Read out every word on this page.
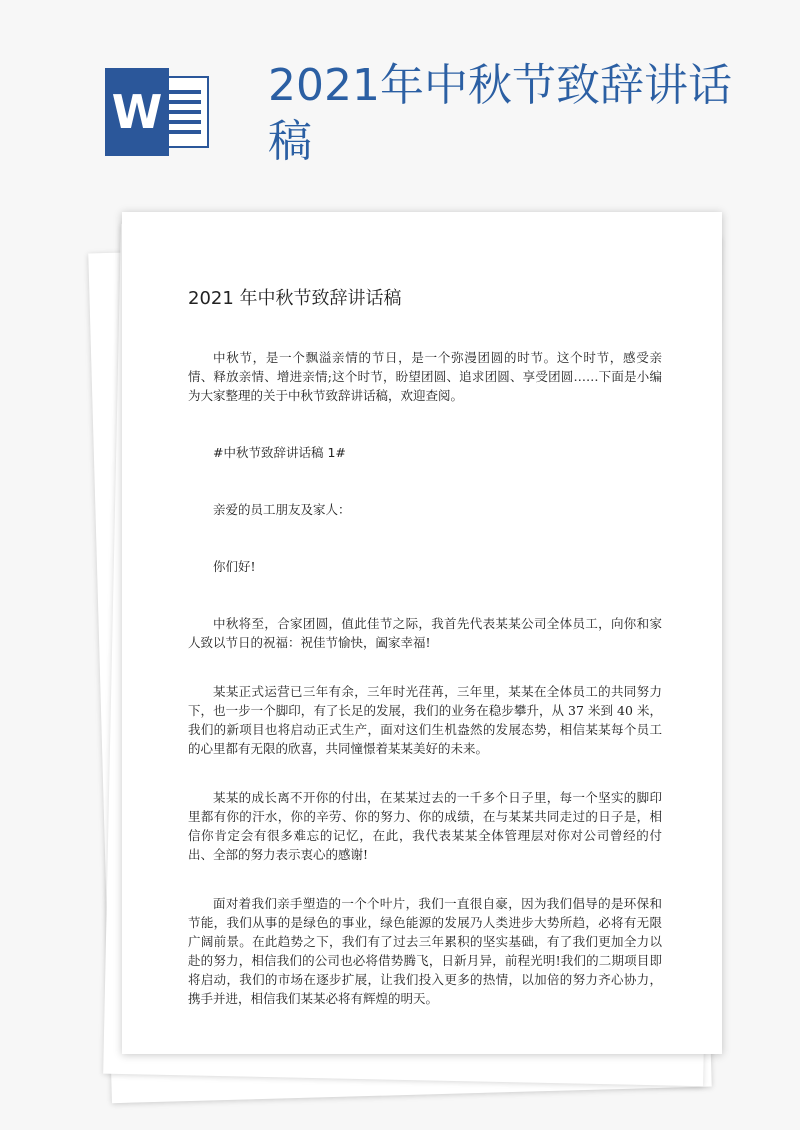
W 2021年中秋节致辞讲话稿
2021 年中秋节致辞讲话稿

中秋节，是一个飘溢亲情的节日，是一个弥漫团圆的时节。这个时节，感受亲情、释放亲情、增进亲情;这个时节，盼望团圆、追求团圆、享受团圆……下面是小编为大家整理的关于中秋节致辞讲话稿，欢迎查阅。

#中秋节致辞讲话稿 1#

亲爱的员工朋友及家人：

你们好!

中秋将至，合家团圆，值此佳节之际，我首先代表某某公司全体员工，向你和家人致以节日的祝福：祝佳节愉快，阖家幸福!

某某正式运营已三年有余，三年时光荏苒，三年里，某某在全体员工的共同努力下，也一步一个脚印，有了长足的发展，我们的业务在稳步攀升，从 37 米到 40 米，我们的新项目也将启动正式生产，面对这们生机盎然的发展态势，相信某某每个员工的心里都有无限的欣喜，共同憧憬着某某美好的未来。

某某的成长离不开你的付出，在某某过去的一千多个日子里，每一个坚实的脚印里都有你的汗水，你的辛劳、你的努力、你的成绩，在与某某共同走过的日子是，相信你肯定会有很多难忘的记忆，在此，我代表某某全体管理层对你对公司曾经的付出、全部的努力表示衷心的感谢!

面对着我们亲手塑造的一个个叶片，我们一直很自豪，因为我们倡导的是环保和节能，我们从事的是绿色的事业，绿色能源的发展乃人类进步大势所趋，必将有无限广阔前景。在此趋势之下，我们有了过去三年累积的坚实基础，有了我们更加全力以赴的努力，相信我们的公司也必将借势腾飞，日新月异，前程光明!我们的二期项目即将启动，我们的市场在逐步扩展，让我们投入更多的热情，以加倍的努力齐心协力，携手并进，相信我们某某必将有辉煌的明天。
